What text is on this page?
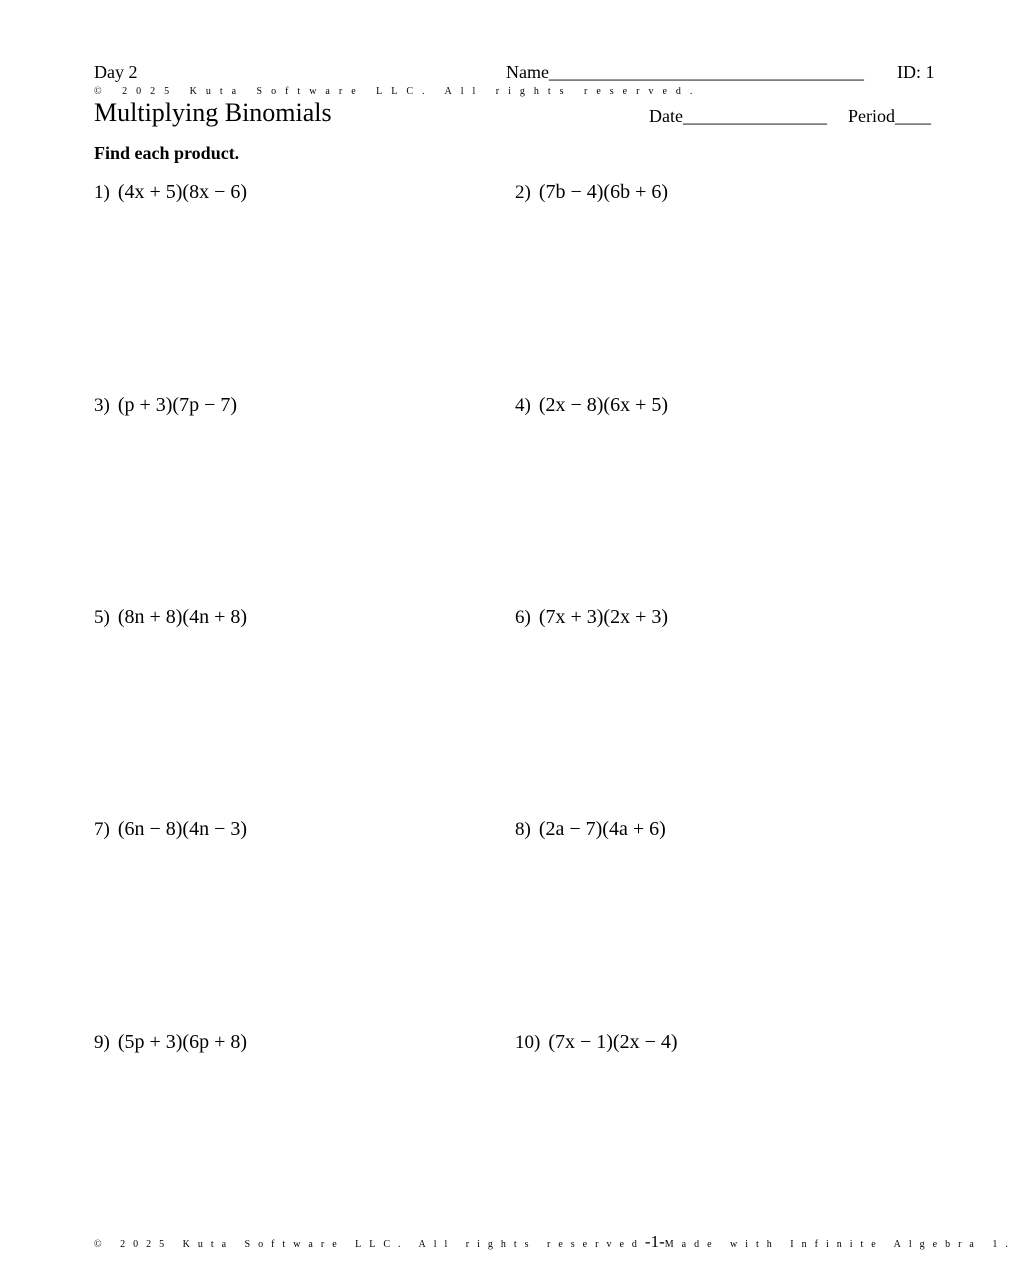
Day 2	Name___________________________________ ID: 1
© 2025 Kuta Software LLC. All rights reserved.
Multiplying Binomials	Date________________ Period____
Find each product.
1) (4x + 5)(8x − 6)	2) (7b − 4)(6b + 6)
3) (p + 3)(7p − 7)	4) (2x − 8)(6x + 5)
5) (8n + 8)(4n + 8)	6) (7x + 3)(2x + 3)
7) (6n − 8)(4n − 3)	8) (2a − 7)(4a + 6)
9) (5p + 3)(6p + 8)	10) (7x − 1)(2x − 4)
© 2025 Kuta Software LLC. All rights reserved-1-Made with Infinite Algebra 1.
